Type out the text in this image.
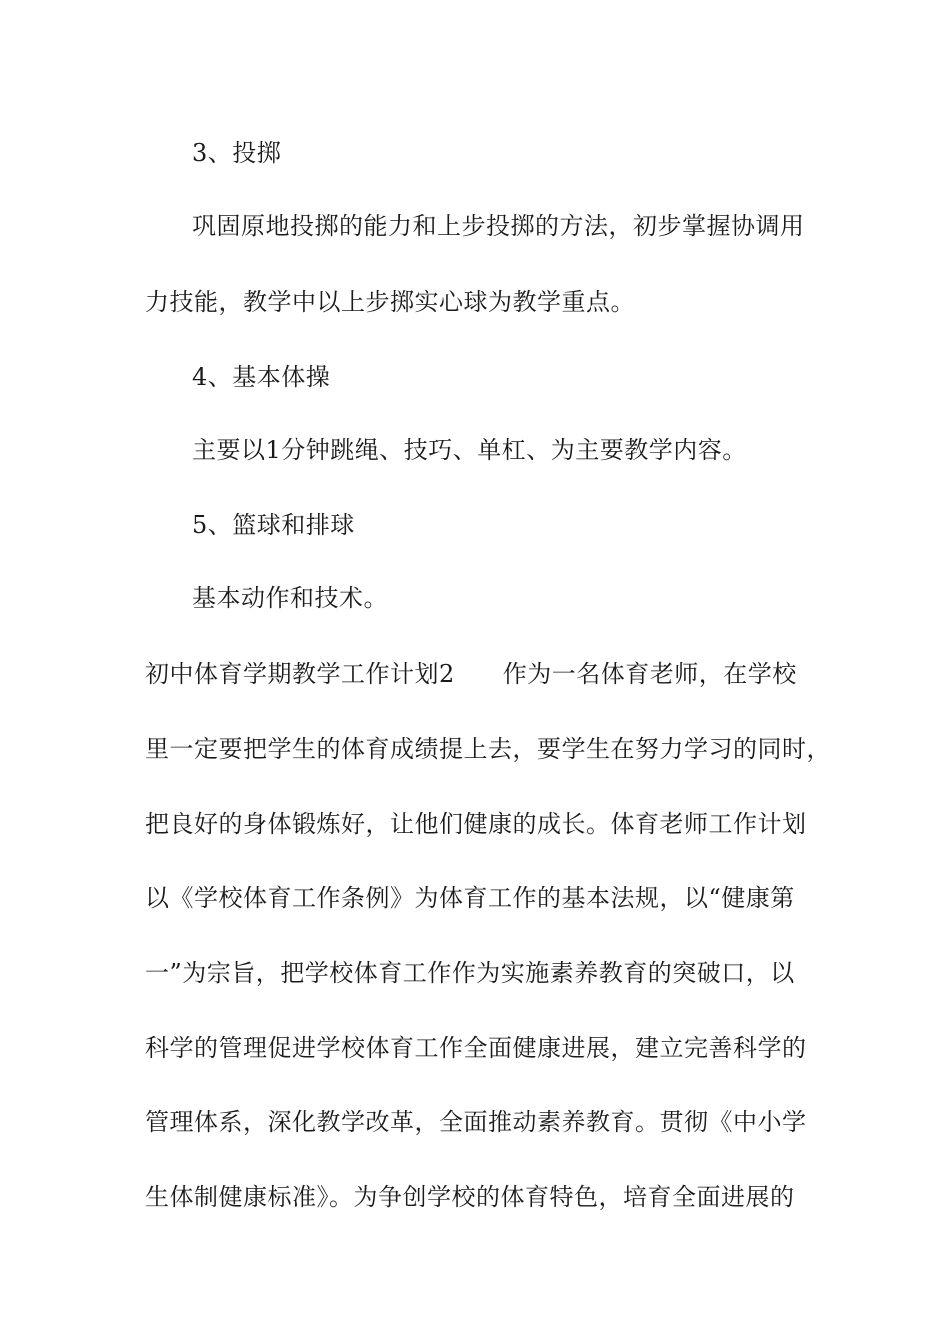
3、投掷
巩固原地投掷的能力和上步投掷的方法，初步掌握协调用
力技能，教学中以上步掷实心球为教学重点。
4、基本体操
主要以1分钟跳绳、技巧、单杠、为主要教学内容。
5、篮球和排球
基本动作和技术。
初中体育学期教学工作计划2 作为一名体育老师，在学校
里一定要把学生的体育成绩提上去，要学生在努力学习的同时，
把良好的身体锻炼好，让他们健康的成长。体育老师工作计划
以《学校体育工作条例》为体育工作的基本法规，以“健康第
一”为宗旨，把学校体育工作作为实施素养教育的突破口，以
科学的管理促进学校体育工作全面健康进展，建立完善科学的
管理体系，深化教学改革，全面推动素养教育。贯彻《中小学
生体制健康标准》。为争创学校的体育特色，培育全面进展的
